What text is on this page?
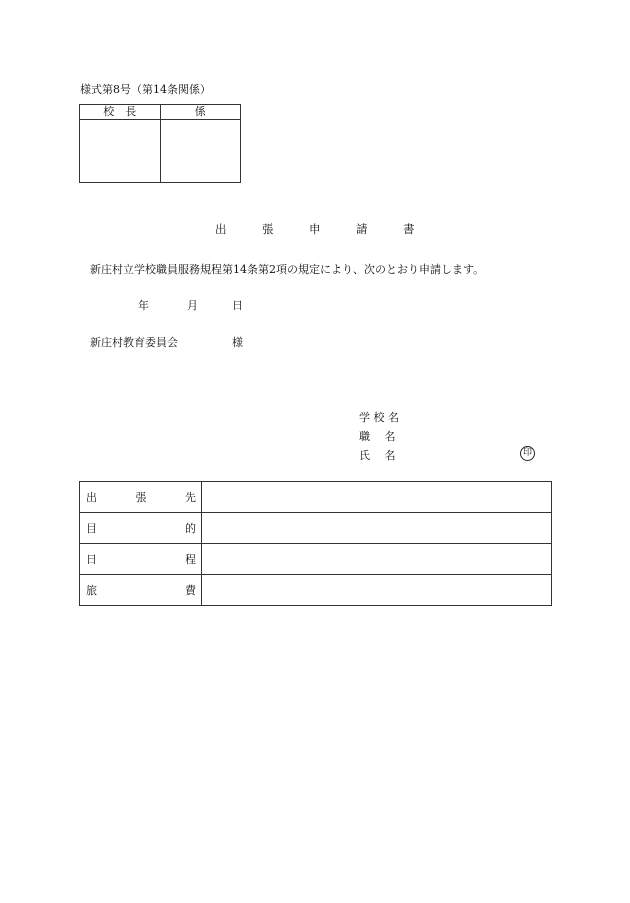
様式第8号（第14条関係）
校　長	係

出	張	申	請	書
新庄村立学校職員服務規程第14条第2項の規定により、次のとおり申請します。
年	月	日
新庄村教育委員会	様
学 校 名
職　 名
氏　 名	印
出 張 先	

目 的	

日 程	

旅 費	
